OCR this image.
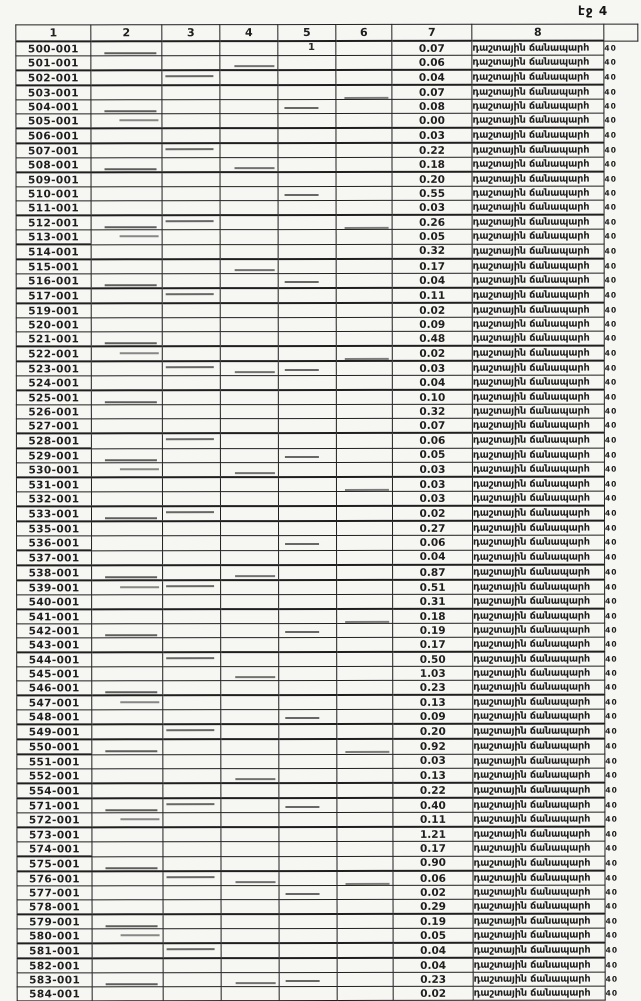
էջ 4
1
1	2	3	4	5	6	7	8	
500-001						0.07	դաշտային ճանապարհ	40
501-001						0.06	դաշտային ճանապարհ	40
502-001						0.04	դաշտային ճանապարհ	40
503-001						0.07	դաշտային ճանապարհ	40
504-001						0.08	դաշտային ճանապարհ	40
505-001						0.00	դաշտային ճանապարհ	40
506-001						0.03	դաշտային ճանապարհ	40
507-001						0.22	դաշտային ճանապարհ	40
508-001						0.18	դաշտային ճանապարհ	40
509-001						0.20	դաշտային ճանապարհ	40
510-001						0.55	դաշտային ճանապարհ	40
511-001						0.03	դաշտային ճանապարհ	40
512-001						0.26	դաշտային ճանապարհ	40
513-001						0.05	դաշտային ճանապարհ	40
514-001						0.32	դաշտային ճանապարհ	40
515-001						0.17	դաշտային ճանապարհ	40
516-001						0.04	դաշտային ճանապարհ	40
517-001						0.11	դաշտային ճանապարհ	40
519-001						0.02	դաշտային ճանապարհ	40
520-001						0.09	դաշտային ճանապարհ	40
521-001						0.48	դաշտային ճանապարհ	40
522-001						0.02	դաշտային ճանապարհ	40
523-001						0.03	դաշտային ճանապարհ	40
524-001						0.04	դաշտային ճանապարհ	40
525-001						0.10	դաշտային ճանապարհ	40
526-001						0.32	դաշտային ճանապարհ	40
527-001						0.07	դաշտային ճանապարհ	40
528-001						0.06	դաշտային ճանապարհ	40
529-001						0.05	դաշտային ճանապարհ	40
530-001						0.03	դաշտային ճանապարհ	40
531-001						0.03	դաշտային ճանապարհ	40
532-001						0.03	դաշտային ճանապարհ	40
533-001						0.02	դաշտային ճանապարհ	40
535-001						0.27	դաշտային ճանապարհ	40
536-001						0.06	դաշտային ճանապարհ	40
537-001						0.04	դաշտային ճանապարհ	40
538-001						0.87	դաշտային ճանապարհ	40
539-001						0.51	դաշտային ճանապարհ	40
540-001						0.31	դաշտային ճանապարհ	40
541-001						0.18	դաշտային ճանապարհ	40
542-001						0.19	դաշտային ճանապարհ	40
543-001						0.17	դաշտային ճանապարհ	40
544-001						0.50	դաշտային ճանապարհ	40
545-001						1.03	դաշտային ճանապարհ	40
546-001						0.23	դաշտային ճանապարհ	40
547-001						0.13	դաշտային ճանապարհ	40
548-001						0.09	դաշտային ճանապարհ	40
549-001						0.20	դաշտային ճանապարհ	40
550-001						0.92	դաշտային ճանապարհ	40
551-001						0.03	դաշտային ճանապարհ	40
552-001						0.13	դաշտային ճանապարհ	40
554-001						0.22	դաշտային ճանապարհ	40
571-001						0.40	դաշտային ճանապարհ	40
572-001						0.11	դաշտային ճանապարհ	40
573-001						1.21	դաշտային ճանապարհ	40
574-001						0.17	դաշտային ճանապարհ	40
575-001						0.90	դաշտային ճանապարհ	40
576-001						0.06	դաշտային ճանապարհ	40
577-001						0.02	դաշտային ճանապարհ	40
578-001						0.29	դաշտային ճանապարհ	40
579-001						0.19	դաշտային ճանապարհ	40
580-001						0.05	դաշտային ճանապարհ	40
581-001						0.04	դաշտային ճանապարհ	40
582-001						0.04	դաշտային ճանապարհ	40
583-001						0.23	դաշտային ճանապարհ	40
584-001						0.02	դաշտային ճանապարհ	40
